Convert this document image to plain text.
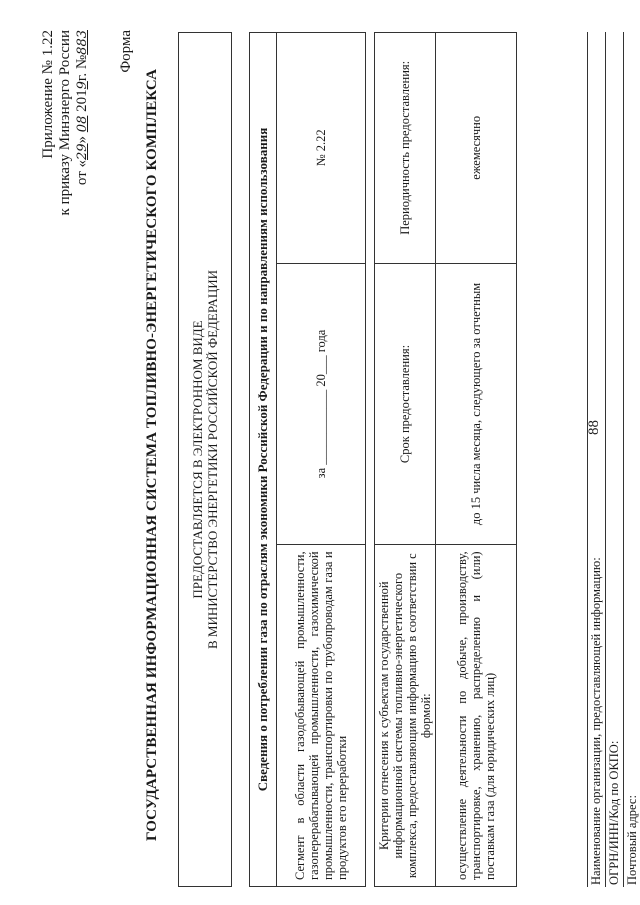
88
Приложение № 1.22 к приказу Минэнерго России от «29» 08 2019г. №883 Форма
ГОСУДАРСТВЕННАЯ ИНФОРМАЦИОННАЯ СИСТЕМА ТОПЛИВНО-ЭНЕРГЕТИЧЕСКОГО КОМПЛЕКСА ПРЕДОСТАВЛЯЕТСЯ В ЭЛЕКТРОННОМ ВИДЕ В МИНИСТЕРСТВО ЭНЕРГЕТИКИ РОССИЙСКОЙ ФЕДЕРАЦИИ	Сведения о потреблении газа по отраслям экономики Российской Федерации и по направлениям использования
Сегмент в области газодобывающей промышленности, газоперерабатывающей промышленности, газохимической промышленности, транспортировки по трубопроводам газа и продуктов его переработки	за ____________ 20___ года	№ 2.22
Критерии отнесения к субъектам государственной информационной системы топливно-энергетического комплекса, предоставляющим информацию в соответствии с формой:	Срок предоставления:	Периодичность предоставления:
осуществление деятельности по добыче, производству, транспортировке, хранению, распределению и (или) поставкам газа (для юридических лиц)	до 15 числа месяца, следующего за отчетным	ежемесячно
Наименование организации, предоставляющей информацию: ОГРН/ИНН/Код по ОКПО: Почтовый адрес:
